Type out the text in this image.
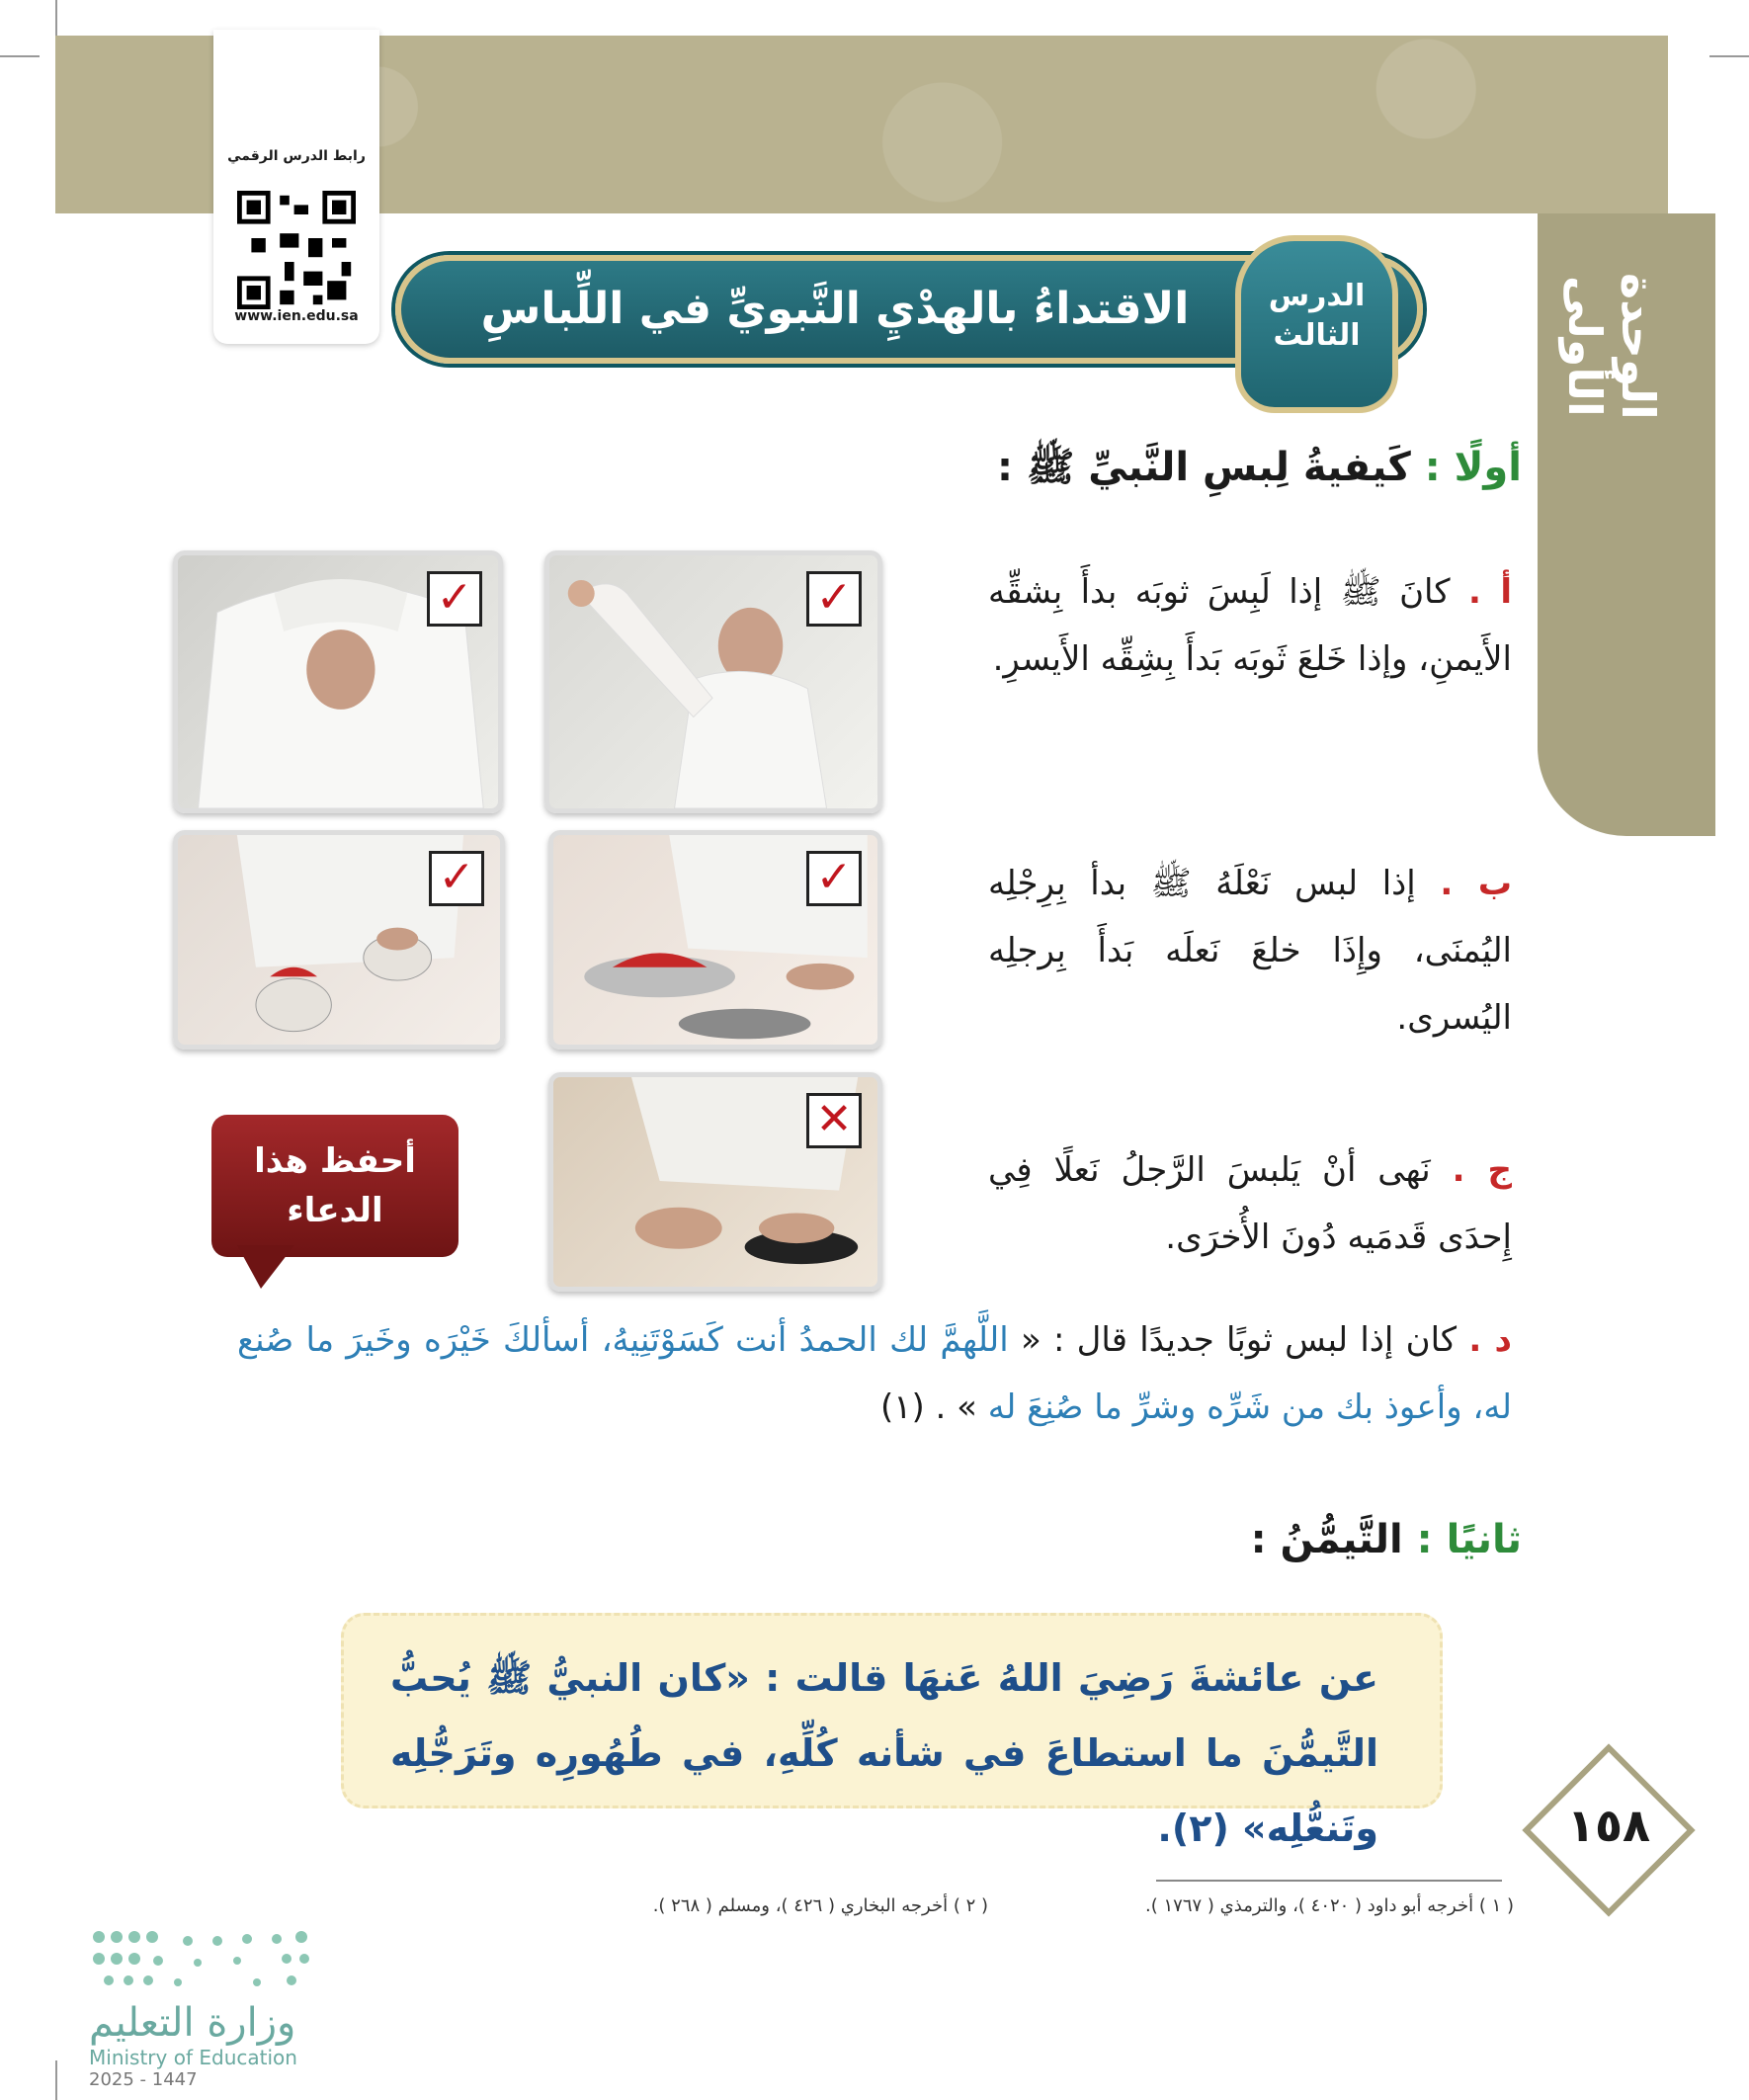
الوحدة الأولى
رابط الدرس الرقمي
www.ien.edu.sa	الاقتداءُ بالهدْيِ النَّبويِّ في اللِّباسِ	الدرس الثالث
أولًا : كَيفيةُ لِبسِ النَّبيِّ ﷺ :
أ . كانَ ﷺ إذا لَبِسَ ثوبَه بدأَ بِشقِّه الأَيمنِ، وإذا خَلعَ ثَوبَه بَدأَ بِشِقِّه الأَيسرِ.
ب . إذا لبس نَعْلَهُ ﷺ بدأ بِرِجْلِه اليُمنَى، وإِذَا خلعَ نَعلَه بَدأَ بِرجلِه اليُسرى.
ج . نَهى أنْ يَلبسَ الرَّجلُ نَعلًا فِي إِحدَى قَدمَيه دُونَ الأُخرَى.
د . كان إذا لبس ثوبًا جديدًا قال : « اللَّهمَّ لك الحمدُ أنت كَسَوْتَنِيهُ، أسألكَ خَيْرَه وخَيرَ ما صُنع له، وأعوذ بك من شَرِّه وشرِّ ما صُنِعَ له » . (١)
✓
✓
✓
✓
✕
أحفظ هذا الدعاء
ثانيًا : التَّيمُّنُ :
عن عائشةَ رَضِيَ اللهُ عَنهَا قالت : «كان النبيُّ ﷺ يُحبُّ التَّيمُّنَ ما استطاعَ في شأنه كُلِّهِ، في طُهُورِه وتَرَجُّلِه وتَنعُّلِه» (٢).	١٥٨
( ١ ) أخرجه أبو داود ( ٤٠٢٠ )، والترمذي ( ١٧٦٧ ).
( ٢ ) أخرجه البخاري ( ٤٢٦ )، ومسلم ( ٢٦٨ ).
وزارة التعليم
Ministry of Education
2025 - 1447
